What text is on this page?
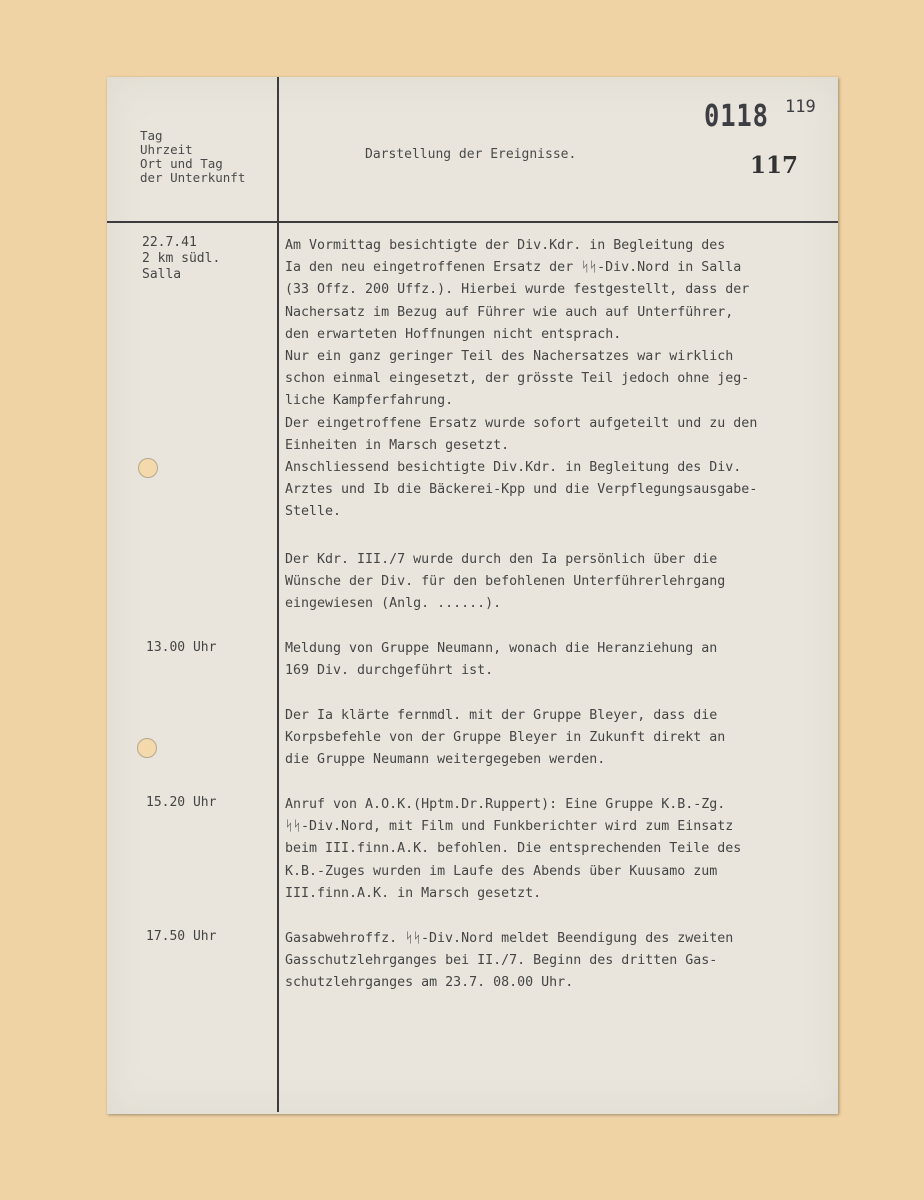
Tag
Uhrzeit
Ort und Tag
der Unterkunft
Darstellung der Ereignisse.
0118 119
117
22.7.41
2 km südl.
Salla
Am Vormittag besichtigte der Div.Kdr. in Begleitung des
Ia den neu eingetroffenen Ersatz der ᛋᛋ-Div.Nord in Salla
(33 Offz. 200 Uffz.). Hierbei wurde festgestellt, dass der
Nachersatz im Bezug auf Führer wie auch auf Unterführer,
den erwarteten Hoffnungen nicht entsprach.
Nur ein ganz geringer Teil des Nachersatzes war wirklich
schon einmal eingesetzt, der grösste Teil jedoch ohne jeg-
liche Kampferfahrung.
Der eingetroffene Ersatz wurde sofort aufgeteilt und zu den
Einheiten in Marsch gesetzt.
Anschliessend besichtigte Div.Kdr. in Begleitung des Div.
Arztes und Ib die Bäckerei-Kpp und die Verpflegungsausgabe-
Stelle.
Der Kdr. III./7 wurde durch den Ia persönlich über die
Wünsche der Div. für den befohlenen Unterführerlehrgang
eingewiesen (Anlg. ......).
13.00 Uhr	Meldung von Gruppe Neumann, wonach die Heranziehung an
169 Div. durchgeführt ist.
Der Ia klärte fernmdl. mit der Gruppe Bleyer, dass die
Korpsbefehle von der Gruppe Bleyer in Zukunft direkt an
die Gruppe Neumann weitergegeben werden.
15.20 Uhr	Anruf von A.O.K.(Hptm.Dr.Ruppert): Eine Gruppe K.B.-Zg.
ᛋᛋ-Div.Nord, mit Film und Funkberichter wird zum Einsatz
beim III.finn.A.K. befohlen. Die entsprechenden Teile des
K.B.-Zuges wurden im Laufe des Abends über Kuusamo zum
III.finn.A.K. in Marsch gesetzt.
17.50 Uhr	Gasabwehroffz. ᛋᛋ-Div.Nord meldet Beendigung des zweiten
Gasschutzlehrganges bei II./7. Beginn des dritten Gas-
schutzlehrganges am 23.7. 08.00 Uhr.
